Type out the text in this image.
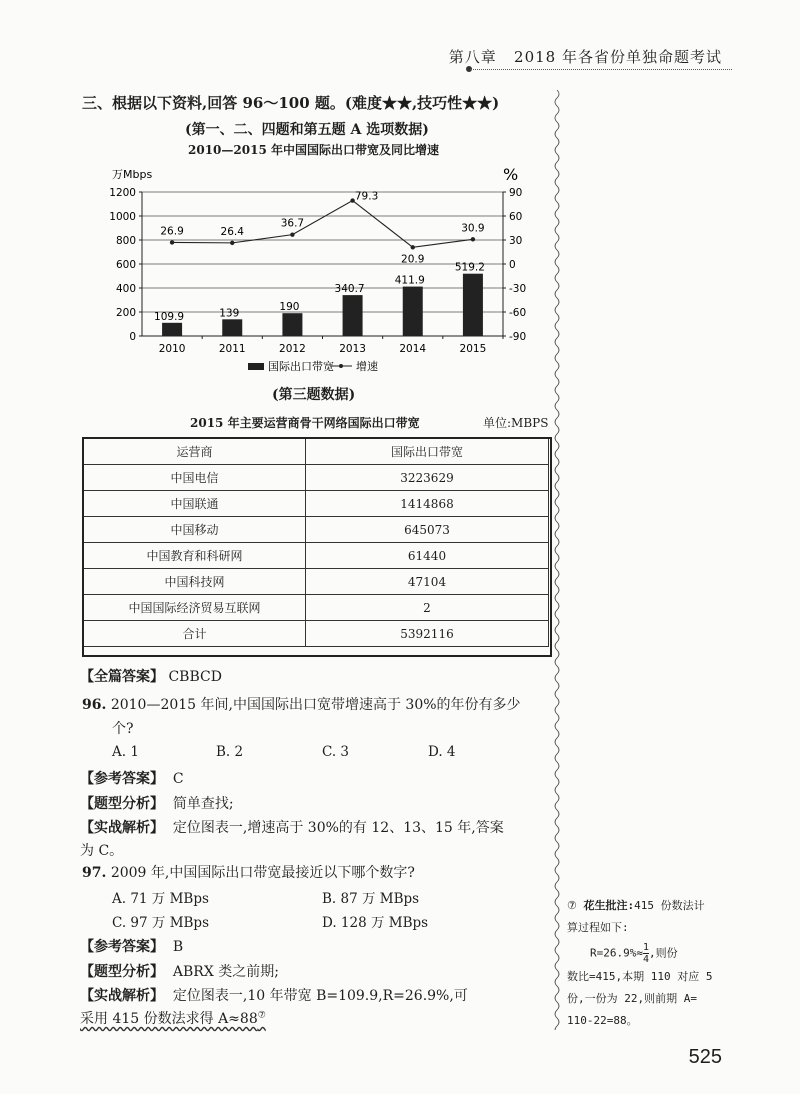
第八章 2018 年各省份单独命题考试
三、根据以下资料,回答 96～100 题。(难度★★,技巧性★★)
(第一、二、四题和第五题 A 选项数据)
2010—2015 年中国国际出口带宽及同比增速
0
200
400
600
800
1000
1200
-90
-60
-30
0
30
60
90
万Mbps	%
109.9	139
190
340.7
411.9
519.2
2010	2011	2012	2013	2014	2015
26.9	26.4
36.7
79.3
20.9
30.9
国际出口带宽 增速
(第三题数据)
2015 年主要运营商骨干网络国际出口带宽	单位:MBPS
运营商	国际出口带宽
中国电信	3223629
中国联通	1414868
中国移动	645073
中国教育和科研网	61440
中国科技网	47104
中国国际经济贸易互联网	2
合计	5392116
【全篇答案】 CBBCD
96. 2010—2015 年间,中国国际出口宽带增速高于 30%的年份有多少
个?
A. 1	B. 2	C. 3	D. 4
【参考答案】 C
【题型分析】 简单查找;
【实战解析】 定位图表一,增速高于 30%的有 12、13、15 年,答案
为 C。
97. 2009 年,中国国际出口带宽最接近以下哪个数字?
A. 71 万 MBps	B. 87 万 MBps
C. 97 万 MBps	D. 128 万 MBps
【参考答案】 B
【题型分析】 ABRX 类之前期;
【实战解析】 定位图表一,10 年带宽 B=109.9,R=26.9%,可
采用 415 份数法求得 A≈88⑦
⑦ 花生批注:415 份数法计
算过程如下:
$R=26.9\%\approx \frac{1}{4}$ ,则份
数比=415,本期 110 对应 5
份,一份为 22,则前期 A=
110-22=88。
525
